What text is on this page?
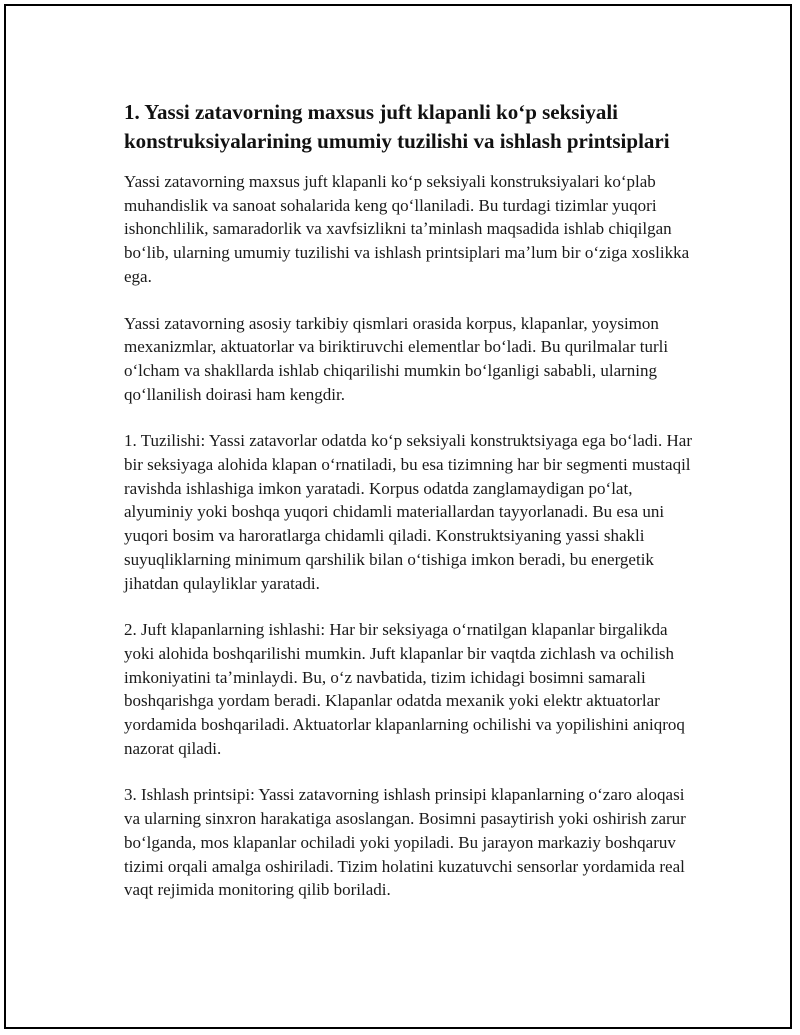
1. Yassi zatavorning maxsus juft klapanli koʻp seksiyali konstruksiyalarining umumiy tuzilishi va ishlash printsiplari

Yassi zatavorning maxsus juft klapanli koʻp seksiyali konstruksiyalari koʻplab muhandislik va sanoat sohalarida keng qoʻllaniladi. Bu turdagi tizimlar yuqori ishonchlilik, samaradorlik va xavfsizlikni taʼminlash maqsadida ishlab chiqilgan boʻlib, ularning umumiy tuzilishi va ishlash printsiplari maʼlum bir oʻziga xoslikka ega.

Yassi zatavorning asosiy tarkibiy qismlari orasida korpus, klapanlar, yoysimon mexanizmlar, aktuatorlar va biriktiruvchi elementlar boʻladi. Bu qurilmalar turli oʻlcham va shakllarda ishlab chiqarilishi mumkin boʻlganligi sababli, ularning qoʻllanilish doirasi ham kengdir.

1. Tuzilishi: Yassi zatavorlar odatda koʻp seksiyali konstruktsiyaga ega boʻladi. Har bir seksiyaga alohida klapan oʻrnatiladi, bu esa tizimning har bir segmenti mustaqil ravishda ishlashiga imkon yaratadi. Korpus odatda zanglamaydigan poʻlat, alyuminiy yoki boshqa yuqori chidamli materiallardan tayyorlanadi. Bu esa uni yuqori bosim va haroratlarga chidamli qiladi. Konstruktsiyaning yassi shakli suyuqliklarning minimum qarshilik bilan oʻtishiga imkon beradi, bu energetik jihatdan qulayliklar yaratadi.

2. Juft klapanlarning ishlashi: Har bir seksiyaga oʻrnatilgan klapanlar birgalikda yoki alohida boshqarilishi mumkin. Juft klapanlar bir vaqtda zichlash va ochilish imkoniyatini taʼminlaydi. Bu, oʻz navbatida, tizim ichidagi bosimni samarali boshqarishga yordam beradi. Klapanlar odatda mexanik yoki elektr aktuatorlar yordamida boshqariladi. Aktuatorlar klapanlarning ochilishi va yopilishini aniqroq nazorat qiladi.

3. Ishlash printsipi: Yassi zatavorning ishlash prinsipi klapanlarning oʻzaro aloqasi va ularning sinxron harakatiga asoslangan. Bosimni pasaytirish yoki oshirish zarur boʻlganda, mos klapanlar ochiladi yoki yopiladi. Bu jarayon markaziy boshqaruv tizimi orqali amalga oshiriladi. Tizim holatini kuzatuvchi sensorlar yordamida real vaqt rejimida monitoring qilib boriladi.
